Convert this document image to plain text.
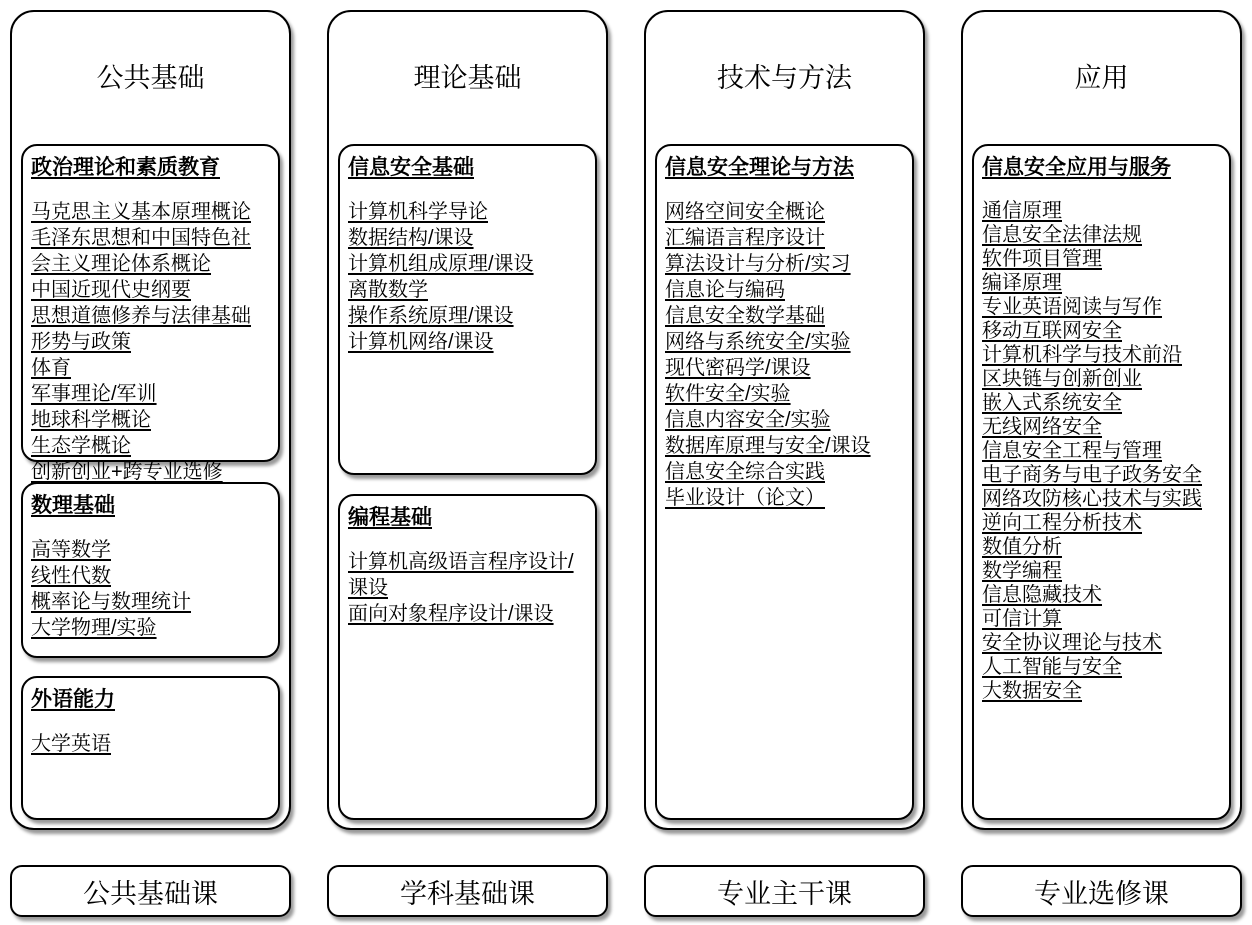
公共基础
政治理论和素质教育
马克思主义基本原理概论
毛泽东思想和中国特色社会主义理论体系概论
中国近现代史纲要
思想道德修养与法律基础
形势与政策
体育
军事理论/军训
地球科学概论
生态学概论
创新创业+跨专业选修
数理基础
高等数学
线性代数
概率论与数理统计
大学物理/实验
外语能力
大学英语
公共基础课
理论基础
信息安全基础
计算机科学导论
数据结构/课设
计算机组成原理/课设
离散数学
操作系统原理/课设
计算机网络/课设
编程基础
计算机高级语言程序设计/课设
面向对象程序设计/课设
学科基础课
技术与方法
信息安全理论与方法
网络空间安全概论
汇编语言程序设计
算法设计与分析/实习
信息论与编码
信息安全数学基础
网络与系统安全/实验
现代密码学/课设
软件安全/实验
信息内容安全/实验
数据库原理与安全/课设
信息安全综合实践
毕业设计（论文）
专业主干课
应用
信息安全应用与服务
通信原理
信息安全法律法规
软件项目管理
编译原理
专业英语阅读与写作
移动互联网安全
计算机科学与技术前沿
区块链与创新创业
嵌入式系统安全
无线网络安全
信息安全工程与管理
电子商务与电子政务安全
网络攻防核心技术与实践
逆向工程分析技术
数值分析
数学编程
信息隐藏技术
可信计算
安全协议理论与技术
人工智能与安全
大数据安全
专业选修课
